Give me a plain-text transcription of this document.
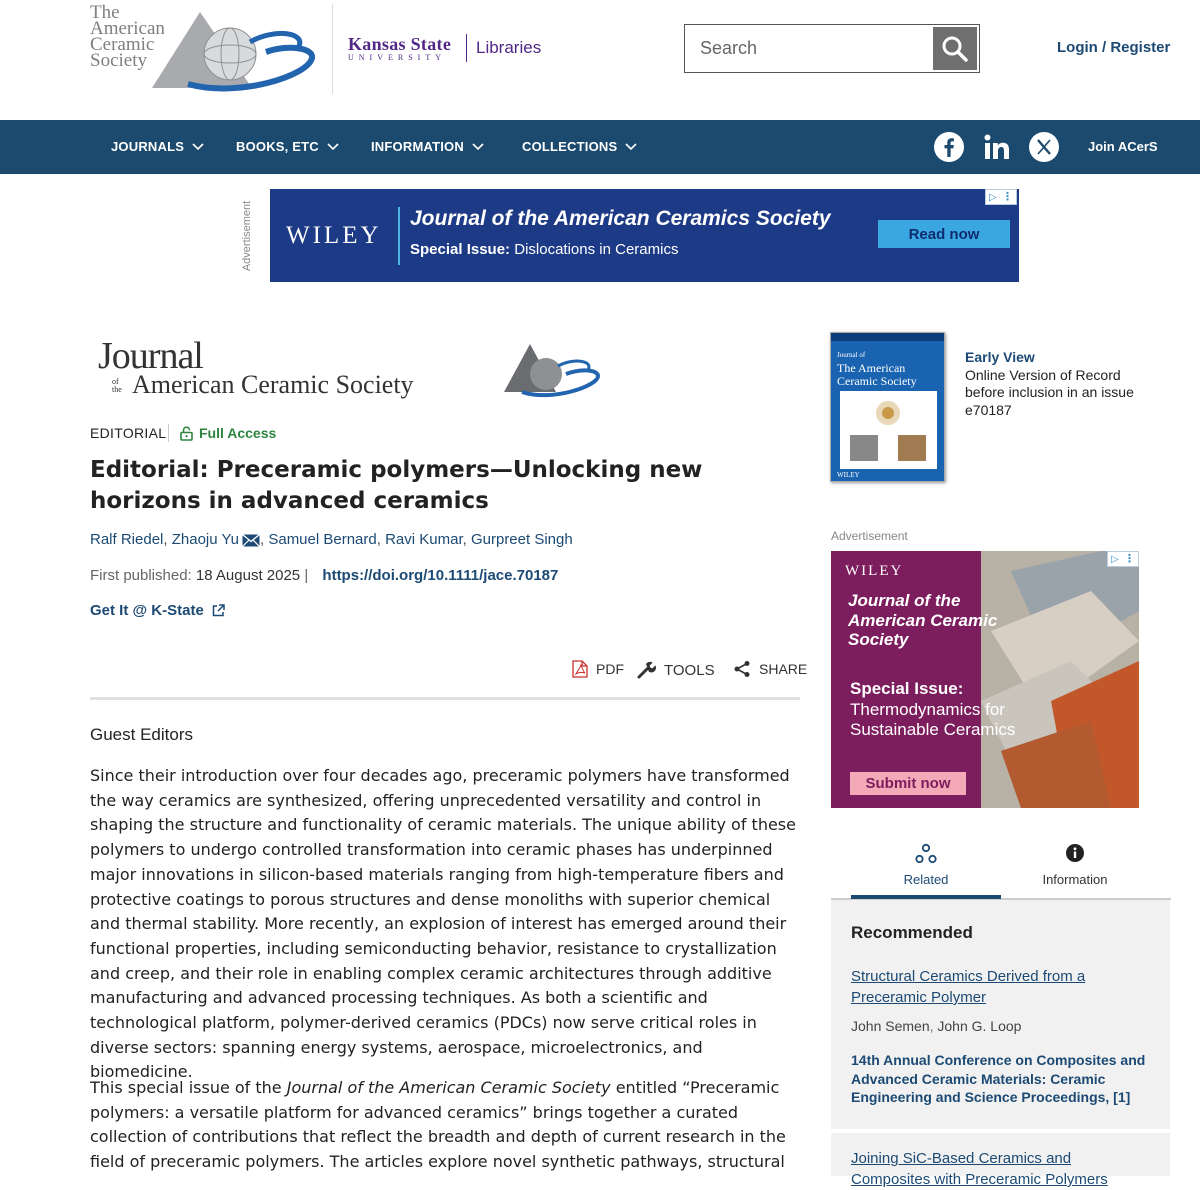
The
American
Ceramic
Society
Kansas State
UNIVERSITY
Libraries
Search	Login / Register
JOURNALS	BOOKS, ETC	INFORMATION	COLLECTIONS	Join ACerS
Advertisement WILEY
Journal of the American Ceramics Society
Special Issue: Dislocations in Ceramics
Read now
▷ ⋮
Journal
of
the American Ceramic Society
EDITORIAL Full Access
Editorial: Preceramic polymers—Unlocking new horizons in advanced ceramics
Ralf Riedel, Zhaoju Yu , Samuel Bernard, Ravi Kumar, Gurpreet Singh
First published: 18 August 2025 | https://doi.org/10.1111/jace.70187
Get It @ K-State
PDF	TOOLS	SHARE
Guest Editors

Since their introduction over four decades ago, preceramic polymers have transformed the way ceramics are synthesized, offering unprecedented versatility and control in shaping the structure and functionality of ceramic materials. The unique ability of these polymers to undergo controlled transformation into ceramic phases has underpinned major innovations in silicon-based materials ranging from high-temperature fibers and protective coatings to porous structures and dense monoliths with superior chemical and thermal stability. More recently, an explosion of interest has emerged around their functional properties, including semiconducting behavior, resistance to crystallization and creep, and their role in enabling complex ceramic architectures through additive manufacturing and advanced processing techniques. As both a scientific and technological platform, polymer-derived ceramics (PDCs) now serve critical roles in diverse sectors: spanning energy systems, aerospace, microelectronics, and biomedicine.

This special issue of the Journal of the American Ceramic Society entitled “Preceramic polymers: a versatile platform for advanced ceramics” brings together a curated collection of contributions that reflect the breadth and depth of current research in the field of preceramic polymers. The articles explore novel synthetic pathways, structural

Journal of
The American
Ceramic Society
WILEY
Early View
Online Version of Record
before inclusion in an issue
e70187
Advertisement
WILEY
Journal of the American Ceramic Society
Special Issue:
Thermodynamics for Sustainable Ceramics
Submit now
▷ ⋮
Related	Information
Recommended
Structural Ceramics Derived from a Preceramic Polymer
John Semen, John G. Loop
14th Annual Conference on Composites and Advanced Ceramic Materials: Ceramic Engineering and Science Proceedings, [1]
Joining SiC-Based Ceramics and Composites with Preceramic Polymers
